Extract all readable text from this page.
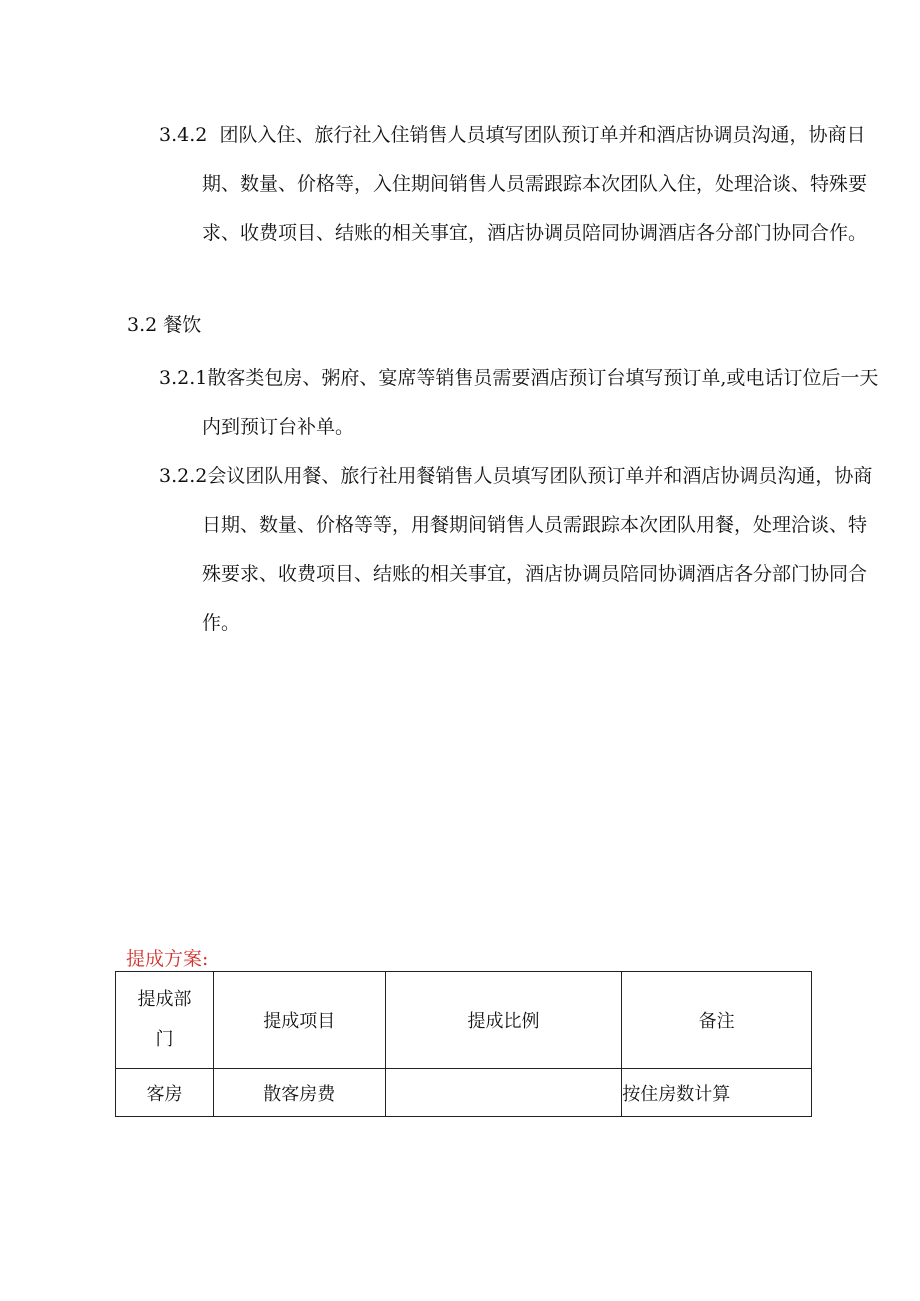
3.4.2 团队入住、旅行社入住销售人员填写团队预订单并和酒店协调员沟通，协商日期、数量、价格等，入住期间销售人员需跟踪本次团队入住，处理洽谈、特殊要求、收费项目、结账的相关事宜，酒店协调员陪同协调酒店各分部门协同合作。

3.2 餐饮

3.2.1散客类包房、粥府、宴席等销售员需要酒店预订台填写预订单,或电话订位后一天内到预订台补单。

3.2.2会议团队用餐、旅行社用餐销售人员填写团队预订单并和酒店协调员沟通，协商日期、数量、价格等等，用餐期间销售人员需跟踪本次团队用餐，处理洽谈、特殊要求、收费项目、结账的相关事宜，酒店协调员陪同协调酒店各分部门协同合作。

提成方案:
提成部门	提成项目	提成比例	备注
客房	散客房费		按住房数计算
